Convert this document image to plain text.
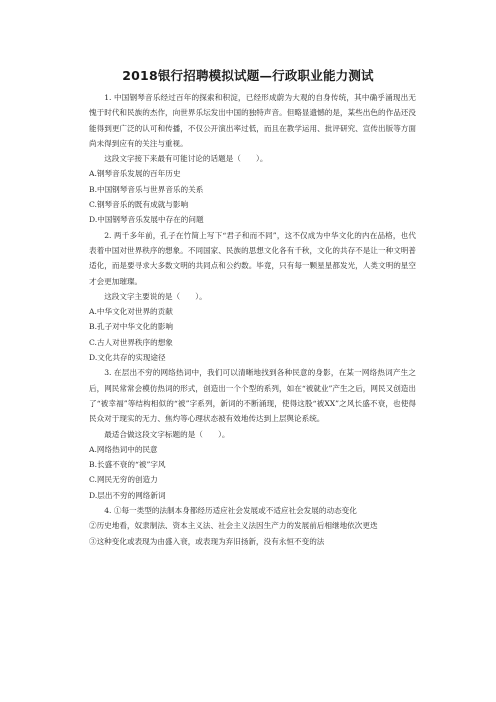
2018银行招聘模拟试题—行政职业能力测试

1. 中国钢琴音乐经过百年的探索和积淀，已经形成蔚为大观的自身传统，其中确乎涌现出无愧于时代和民族的杰作，向世界乐坛发出中国的独特声音。但略显遗憾的是，某些出色的作品还没能得到更广泛的认可和传播，不仅公开演出率过低，而且在教学运用、批评研究、宣传出版等方面尚未得到应有的关注与重视。

这段文字接下来最有可能讨论的话题是（　　）。

A.钢琴音乐发展的百年历史

B.中国钢琴音乐与世界音乐的关系

C.钢琴音乐的既有成就与影响

D.中国钢琴音乐发展中存在的问题

2. 两千多年前，孔子在竹简上写下“君子和而不同”，这不仅成为中华文化的内在品格，也代表着中国对世界秩序的想象。不同国家、民族的思想文化各有千秋，文化的共存不是让一种文明普适化，而是要寻求大多数文明的共同点和公约数。毕竟，只有每一颗星星都发光，人类文明的星空才会更加璀璨。

这段文字主要说的是（　　）。

A.中华文化对世界的贡献

B.孔子对中华文化的影响

C.古人对世界秩序的想象

D.文化共存的实现途径

3. 在层出不穷的网络热词中，我们可以清晰地找到各种民意的身影，在某一网络热词产生之后，网民常常会模仿热词的形式，创造出一个个型的系列，如在“被就业”产生之后，网民又创造出了“被幸福”等结构相似的“被”字系列，新词的不断涌现，使得这股“被XX”之风长盛不衰，也使得民众对于现实的无力、焦灼等心理状态被有效地传达到上层舆论系统。

最适合做这段文字标题的是（　　）。

A.网络热词中的民意

B.长盛不衰的“被”字风

C.网民无穷的创造力

D.层出不穷的网络新词

4. ①每一类型的法制本身都经历适应社会发展或不适应社会发展的动态变化

②历史地看，奴隶制法、资本主义法、社会主义法因生产力的发展前后相继地依次更迭

③这种变化或表现为由盛入衰，或表现为弃旧扬新，没有永恒不变的法
